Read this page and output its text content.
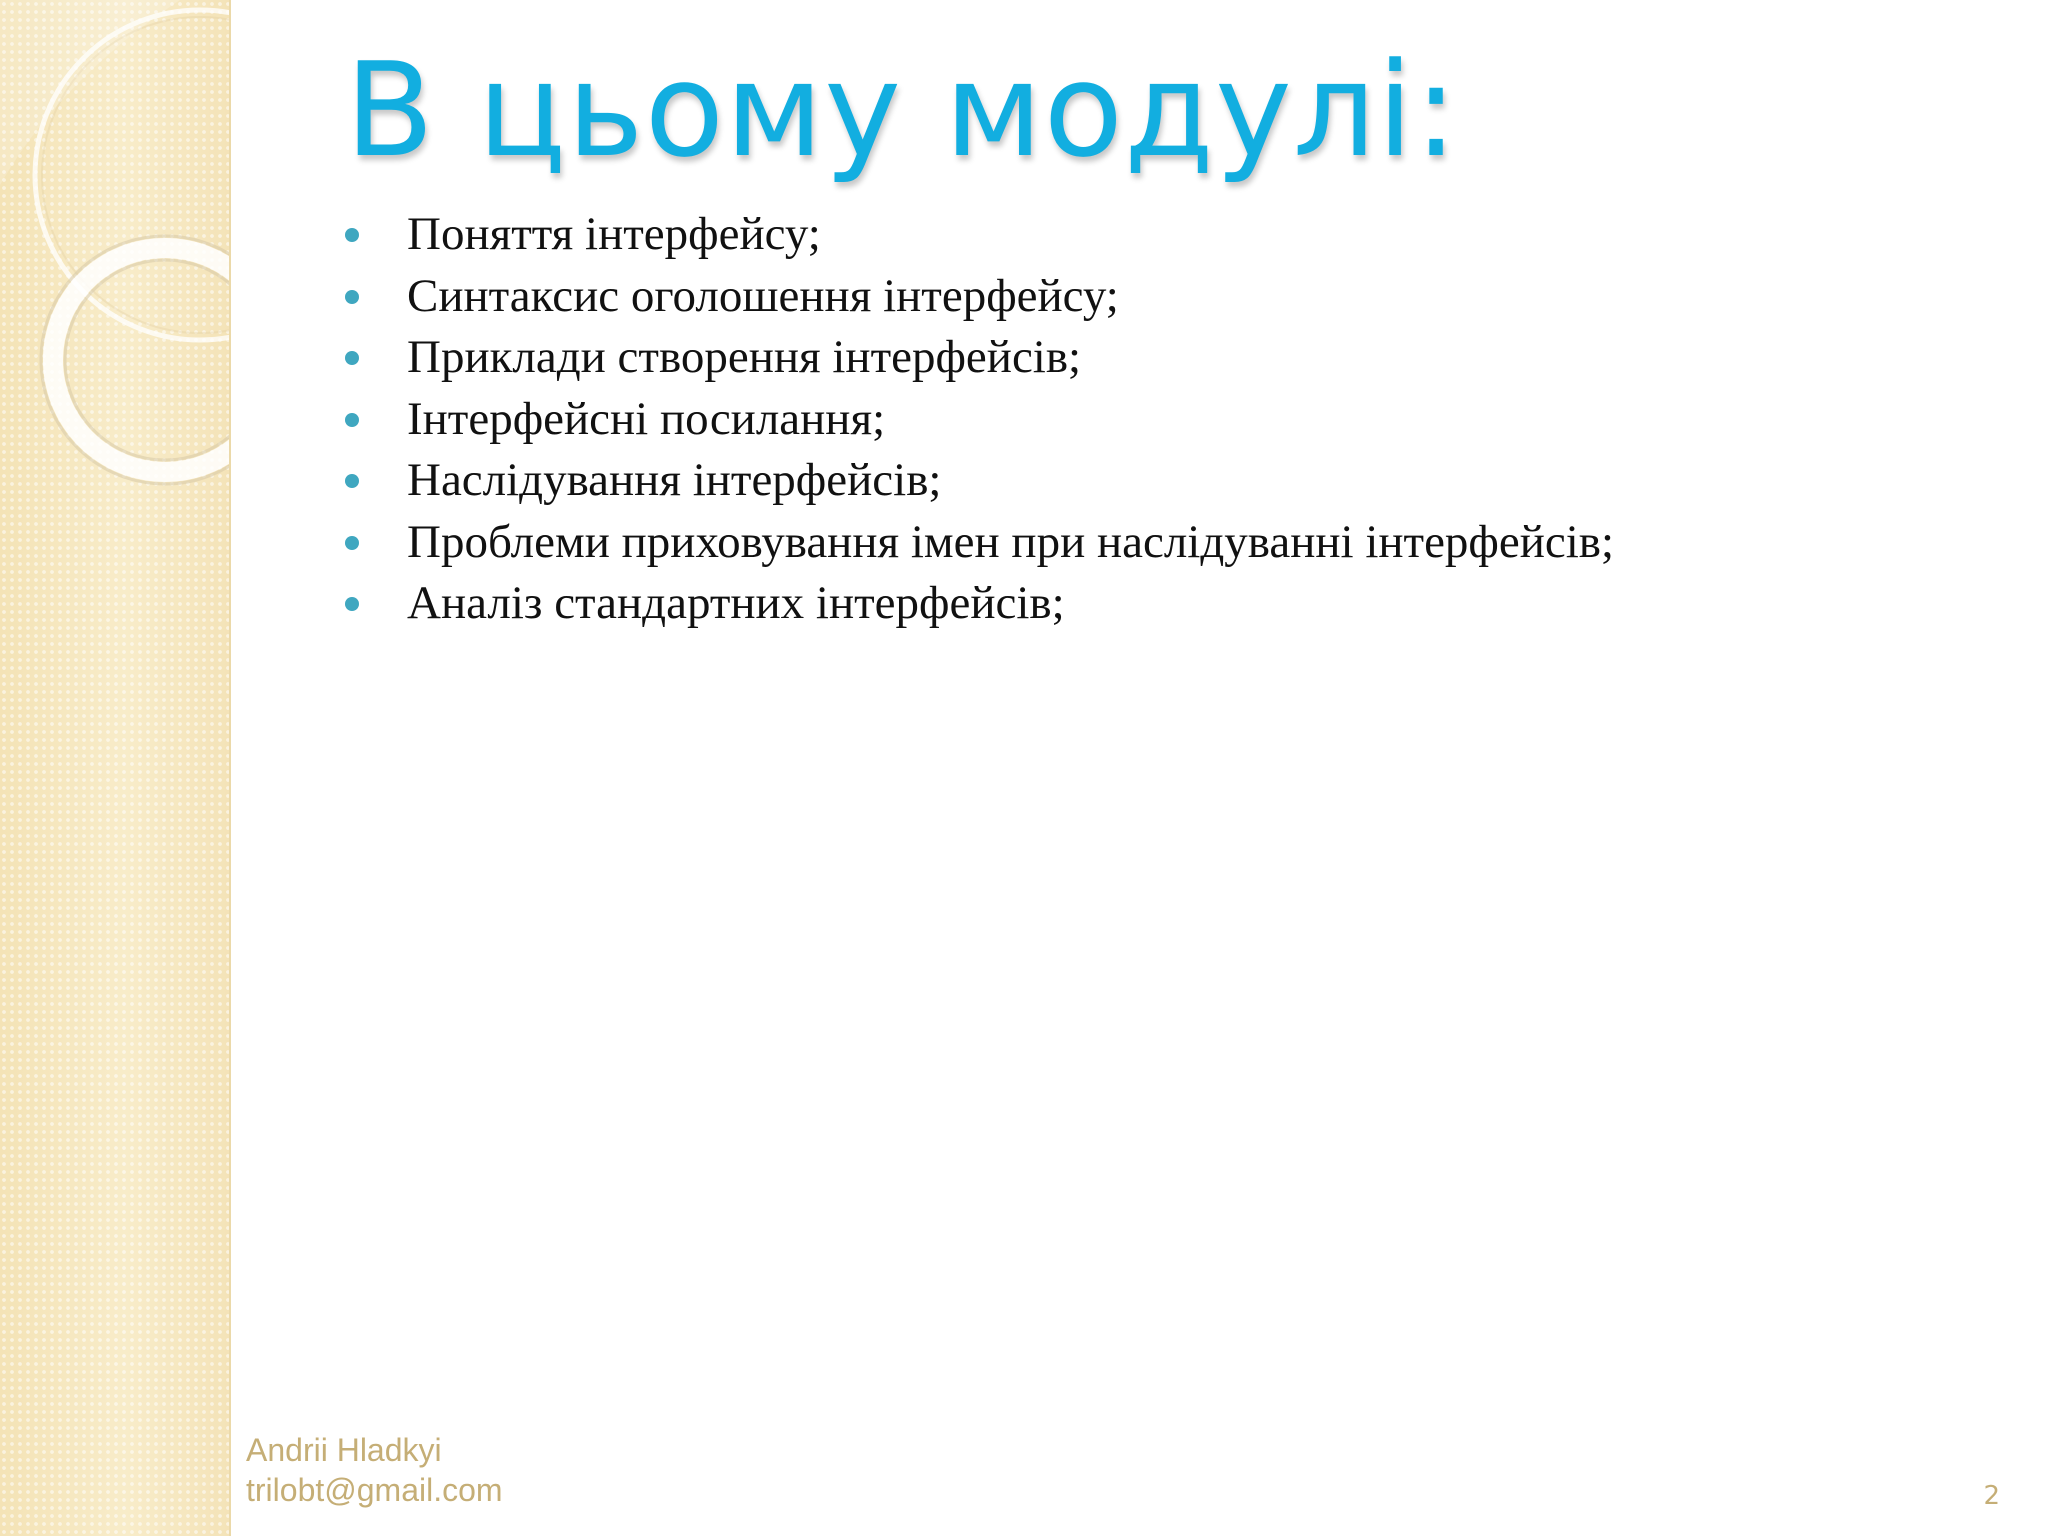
В цьому модулі:
Поняття інтерфейсу;
Синтаксис оголошення інтерфейсу;
Приклади створення інтерфейсів;
Інтерфейсні посилання;
Наслідування інтерфейсів;
Проблеми приховування імен при наслідуванні інтерфейсів;
Аналіз стандартних інтерфейсів;
Andrii Hladkyi
trilobt@gmail.com	2
